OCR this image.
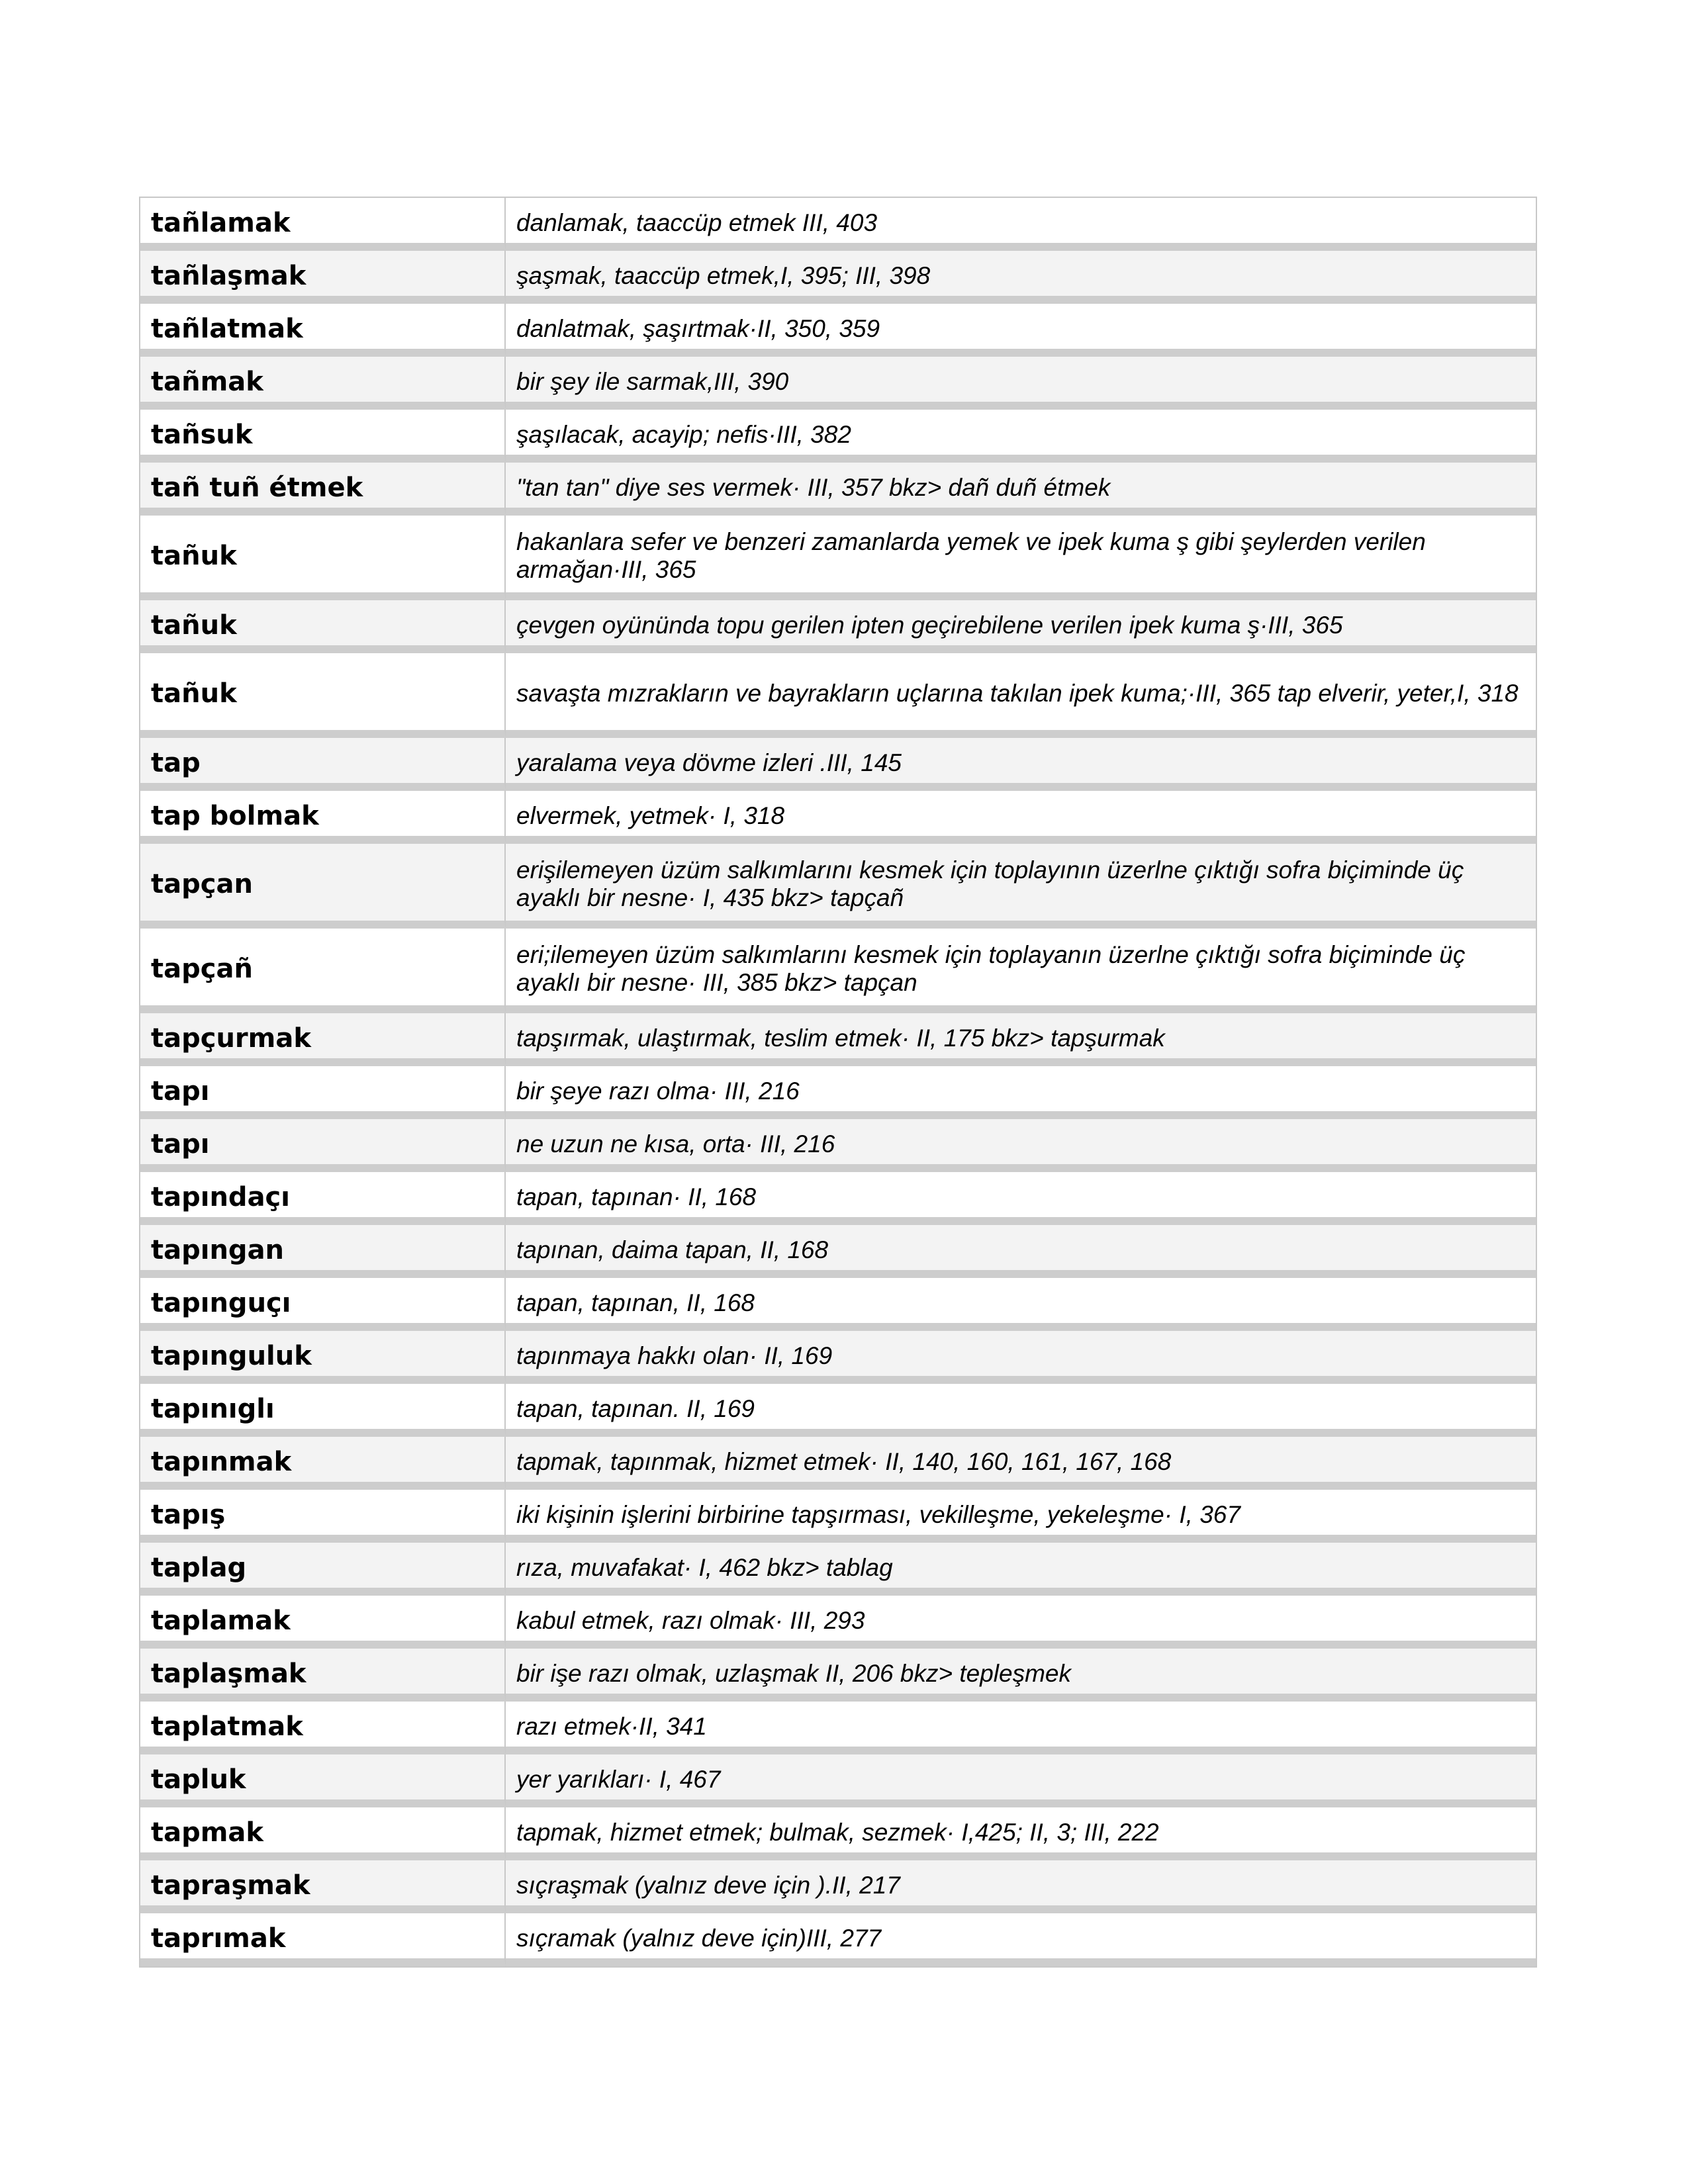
tañlamak	danlamak, taaccüp etmek III, 403
tañlaşmak	şaşmak, taaccüp etmek,I, 395; III, 398
tañlatmak	danlatmak, şaşırtmak·II, 350, 359
tañmak	bir şey ile sarmak,III, 390
tañsuk	şaşılacak, acayip; nefis·III, 382
tañ tuñ étmek	"tan tan" diye ses vermek· III, 357 bkz> dañ duñ étmek
tañuk	hakanlara sefer ve benzeri zamanlarda yemek ve ipek kuma ş gibi şeylerden verilen armağan·III, 365
tañuk	çevgen oyününda topu gerilen ipten geçirebilene verilen ipek kuma ş·III, 365
tañuk	savaşta mızrakların ve bayrakların uçlarına takılan ipek kuma;·III, 365 tap elverir, yeter,I, 318
tap	yaralama veya dövme izleri .III, 145
tap bolmak	elvermek, yetmek· I, 318
tapçan	erişilemeyen üzüm salkımlarını kesmek için toplayının üzerlne çıktığı sofra biçiminde üç ayaklı bir nesne· I, 435 bkz> tapçañ
tapçañ	eri;ilemeyen üzüm salkımlarını kesmek için toplayanın üzerlne çıktığı sofra biçiminde üç ayaklı bir nesne· III, 385 bkz> tapçan
tapçurmak	tapşırmak, ulaştırmak, teslim etmek· II, 175 bkz> tapşurmak
tapı	bir şeye razı olma· III, 216
tapı	ne uzun ne kısa, orta· III, 216
tapındaçı	tapan, tapınan· II, 168
tapıngan	tapınan, daima tapan, II, 168
tapınguçı	tapan, tapınan, II, 168
tapınguluk	tapınmaya hakkı olan· II, 169
tapınıglı	tapan, tapınan. II, 169
tapınmak	tapmak, tapınmak, hizmet etmek· II, 140, 160, 161, 167, 168
tapış	iki kişinin işlerini birbirine tapşırması, vekilleşme, yekeleşme· I, 367
taplag	rıza, muvafakat· I, 462 bkz> tablag
taplamak	kabul etmek, razı olmak· III, 293
taplaşmak	bir işe razı olmak, uzlaşmak II, 206 bkz> tepleşmek
taplatmak	razı etmek·II, 341
tapluk	yer yarıkları· I, 467
tapmak	tapmak, hizmet etmek; bulmak, sezmek· I,425; II, 3; III, 222
tapraşmak	sıçraşmak (yalnız deve için ).II, 217
taprımak	sıçramak (yalnız deve için)III, 277
